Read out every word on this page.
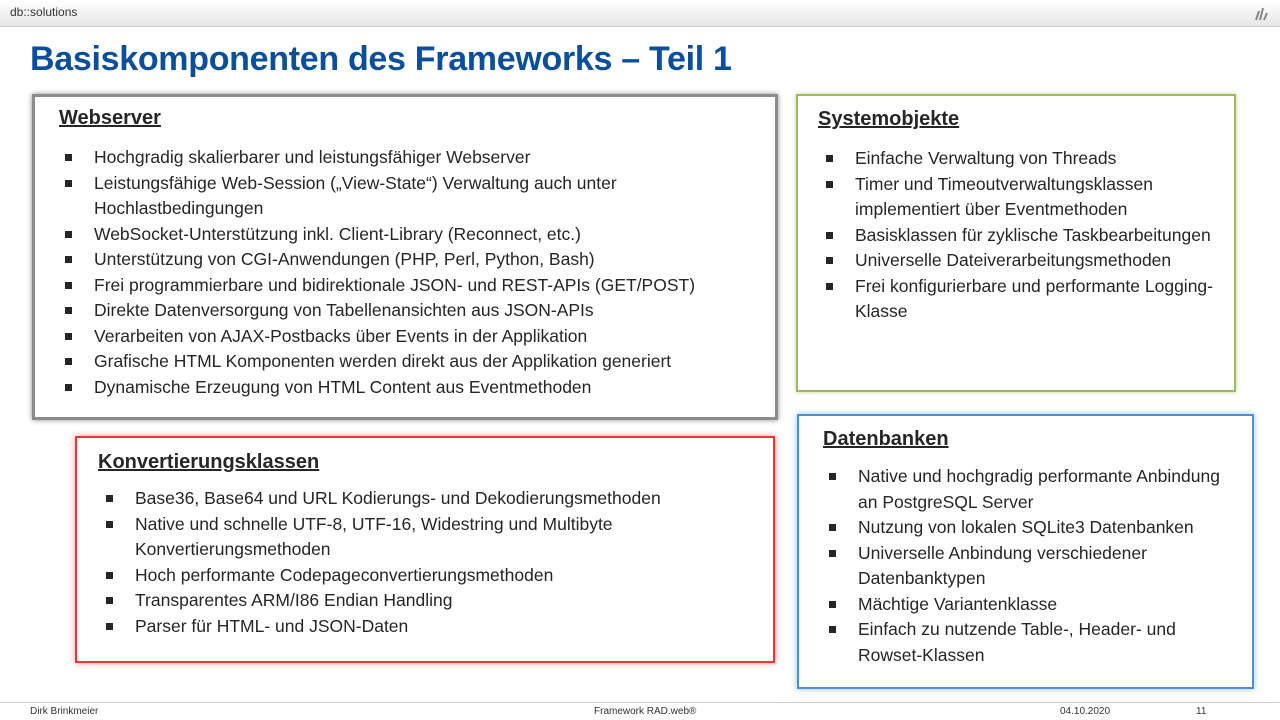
db::solutions
Basiskomponenten des Frameworks – Teil 1
Webserver
Hochgradig skalierbarer und leistungsfähiger Webserver
Leistungsfähige Web-Session („View-State“) Verwaltung auch unter Hochlastbedingungen
WebSocket-Unterstützung inkl. Client-Library (Reconnect, etc.)
Unterstützung von CGI-Anwendungen (PHP, Perl, Python, Bash)
Frei programmierbare und bidirektionale JSON- und REST-APIs (GET/POST)
Direkte Datenversorgung von Tabellenansichten aus JSON-APIs
Verarbeiten von AJAX-Postbacks über Events in der Applikation
Grafische HTML Komponenten werden direkt aus der Applikation generiert
Dynamische Erzeugung von HTML Content aus Eventmethoden
Systemobjekte
Einfache Verwaltung von Threads
Timer und Timeoutverwaltungsklassen implementiert über Eventmethoden
Basisklassen für zyklische Taskbearbeitungen
Universelle Dateiverarbeitungsmethoden
Frei konfigurierbare und performante Logging-Klasse
Konvertierungsklassen
Base36, Base64 und URL Kodierungs- und Dekodierungsmethoden
Native und schnelle UTF-8, UTF-16, Widestring und Multibyte Konvertierungsmethoden
Hoch performante Codepageconvertierungsmethoden
Transparentes ARM/I86 Endian Handling
Parser für HTML- und JSON-Daten
Datenbanken
Native und hochgradig performante Anbindung an PostgreSQL Server
Nutzung von lokalen SQLite3 Datenbanken
Universelle Anbindung verschiedener Datenbanktypen
Mächtige Variantenklasse
Einfach zu nutzende Table-, Header- und Rowset-Klassen
Dirk Brinkmeier	Framework RAD.web®	04.10.2020	11
